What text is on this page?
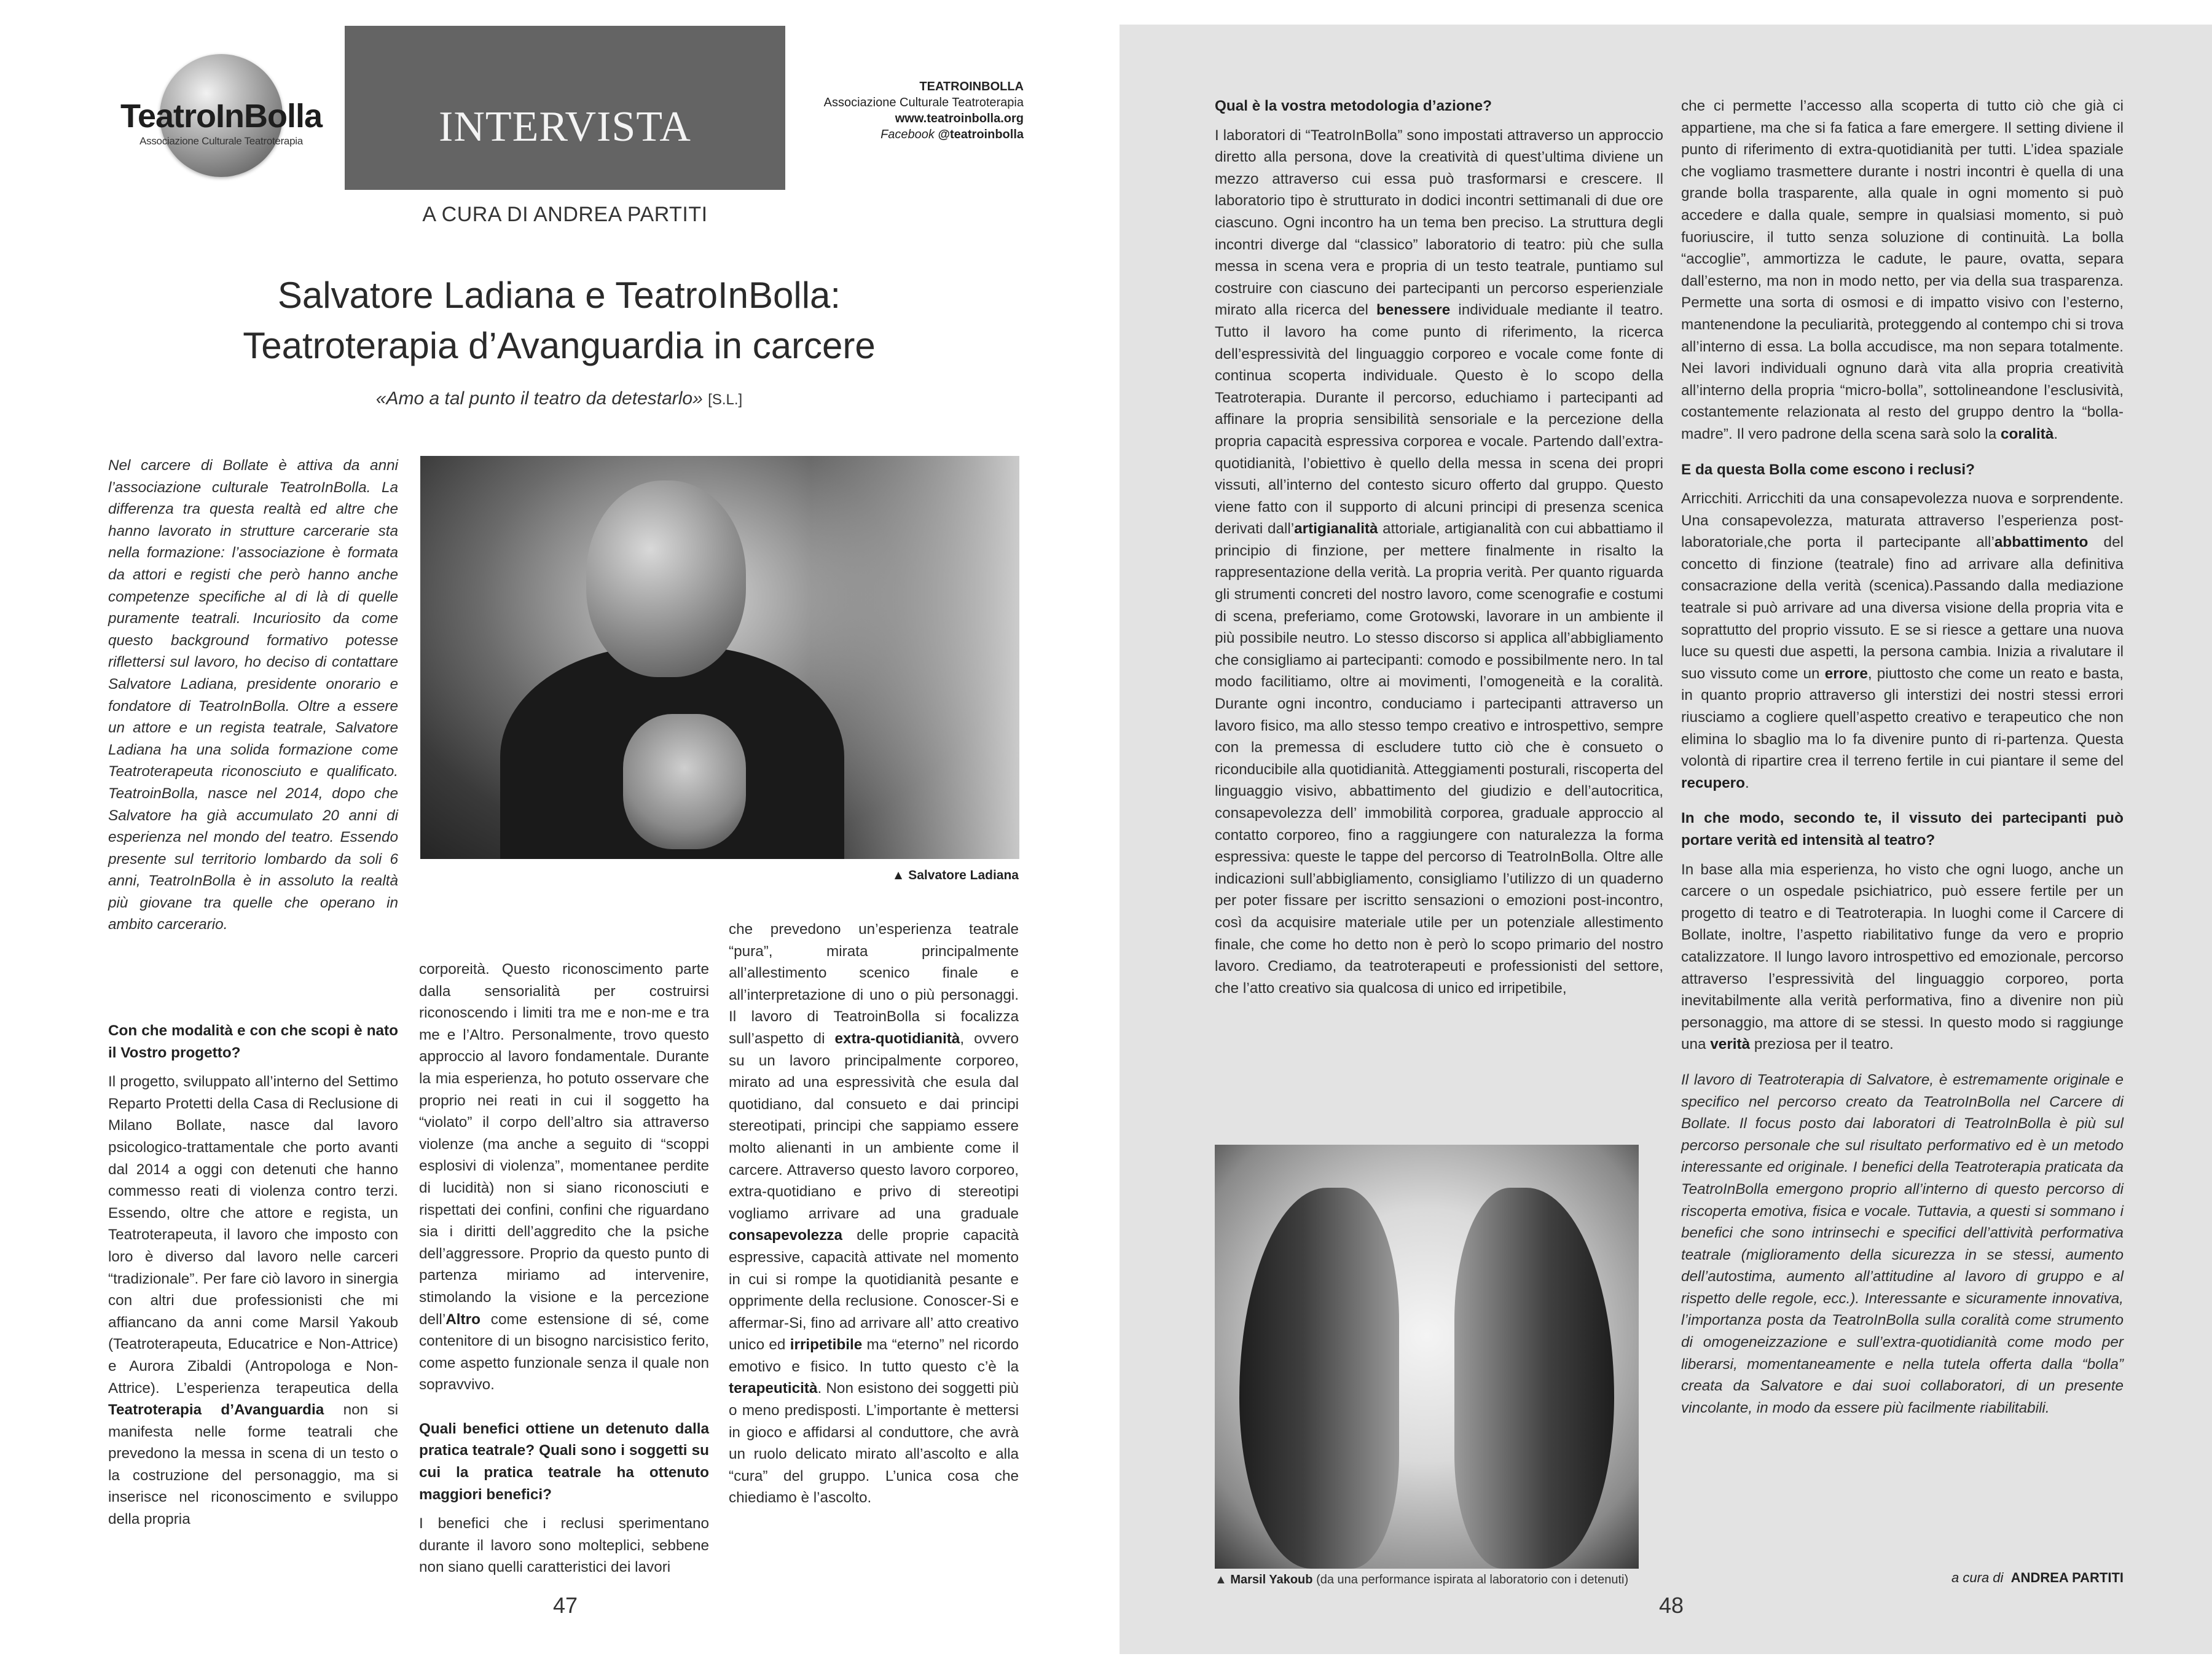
TeatroInBolla
Associazione Culturale Teatroterapia	INTERVISTA
TEATROINBOLLA
Associazione Culturale Teatroterapia
www.teatroinbolla.org
Facebook @teatroinbolla
A CURA DI ANDREA PARTITI
Salvatore Ladiana e TeatroInBolla:
Teatroterapia d’Avanguardia in carcere
«Amo a tal punto il teatro da detestarlo» [S.L.]

Nel carcere di Bollate è attiva da anni l’associazione culturale TeatroInBolla. La differenza tra questa realtà ed altre che hanno lavorato in strutture carcerarie sta nella formazione: l’associazione è formata da attori e registi che però hanno anche competenze specifiche al di là di quelle puramente teatrali. Incuriosito da come questo background formativo potesse riflettersi sul lavoro, ho deciso di contattare Salvatore Ladiana, presidente onorario e fondatore di TeatroInBolla. Oltre a essere un attore e un regista teatrale, Salvatore Ladiana ha una solida formazione come Teatroterapeuta riconosciuto e qualificato. TeatroinBolla, nasce nel 2014, dopo che Salvatore ha già accumulato 20 anni di esperienza nel mondo del teatro. Essendo presente sul territorio lombardo da soli 6 anni, TeatroInBolla è in assoluto la realtà più giovane tra quelle che operano in ambito carcerario.

▲ Salvatore Ladiana

Con che modalità e con che scopi è nato il Vostro progetto?

Il progetto, sviluppato all’interno del Settimo Reparto Protetti della Casa di Reclusione di Milano Bollate, nasce dal lavoro psicologico-trattamentale che porto avanti dal 2014 a oggi con detenuti che hanno commesso reati di violenza contro terzi. Essendo, oltre che attore e regista, un Teatroterapeuta, il lavoro che imposto con loro è diverso dal lavoro nelle carceri “tradizionale”. Per fare ciò lavoro in sinergia con altri due professionisti che mi affiancano da anni come Marsil Yakoub (Teatroterapeuta, Educatrice e Non-Attrice) e Aurora Zibaldi (Antropologa e Non-Attrice). L’esperienza terapeutica della Teatroterapia d’Avanguardia non si manifesta nelle forme teatrali che prevedono la messa in scena di un testo o la costruzione del personaggio, ma si inserisce nel riconoscimento e sviluppo della propria

corporeità. Questo riconoscimento parte dalla sensorialità per costruirsi riconoscendo i limiti tra me e non-me e tra me e l’Altro. Personalmente, trovo questo approccio al lavoro fondamentale. Durante la mia esperienza, ho potuto osservare che proprio nei reati in cui il soggetto ha “violato” il corpo dell’altro sia attraverso violenze (ma anche a seguito di “scoppi esplosivi di violenza”, momentanee perdite di lucidità) non si siano riconosciuti e rispettati dei confini, confini che riguardano sia i diritti dell’aggredito che la psiche dell’aggressore. Proprio da questo punto di partenza miriamo ad intervenire, stimolando la visione e la percezione dell’Altro come estensione di sé, come contenitore di un bisogno narcisistico ferito, come aspetto funzionale senza il quale non sopravvivo.

Quali benefici ottiene un detenuto dalla pratica teatrale? Quali sono i soggetti su cui la pratica teatrale ha ottenuto maggiori benefici?

I benefici che i reclusi sperimentano durante il lavoro sono molteplici, sebbene non siano quelli caratteristici dei lavori

che prevedono un’esperienza teatrale “pura”, mirata principalmente all’allestimento scenico finale e all’interpretazione di uno o più personaggi. Il lavoro di TeatroinBolla si focalizza sull’aspetto di extra-quotidianità, ovvero su un lavoro principalmente corporeo, mirato ad una espressività che esula dal quotidiano, dal consueto e dai principi stereotipati, principi che sappiamo essere molto alienanti in un ambiente come il carcere. Attraverso questo lavoro corporeo, extra-quotidiano e privo di stereotipi vogliamo arrivare ad una graduale consapevolezza delle proprie capacità espressive, capacità attivate nel momento in cui si rompe la quotidianità pesante e opprimente della reclusione. Conoscer-Si e affermar-Si, fino ad arrivare all’ atto creativo unico ed irripetibile ma “eterno” nel ricordo emotivo e fisico. In tutto questo c’è la terapeuticità. Non esistono dei soggetti più o meno predisposti. L’importante è mettersi in gioco e affidarsi al conduttore, che avrà un ruolo delicato mirato all’ascolto e alla “cura” del gruppo. L’unica cosa che chiediamo è l’ascolto.

47

Qual è la vostra metodologia d’azione?

I laboratori di “TeatroInBolla” sono impostati attraverso un approccio diretto alla persona, dove la creatività di quest’ultima diviene un mezzo attraverso cui essa può trasformarsi e crescere. Il laboratorio tipo è strutturato in dodici incontri settimanali di due ore ciascuno. Ogni incontro ha un tema ben preciso. La struttura degli incontri diverge dal “classico” laboratorio di teatro: più che sulla messa in scena vera e propria di un testo teatrale, puntiamo sul costruire con ciascuno dei partecipanti un percorso esperienziale mirato alla ricerca del benessere individuale mediante il teatro. Tutto il lavoro ha come punto di riferimento, la ricerca dell’espressività del linguaggio corporeo e vocale come fonte di continua scoperta individuale. Questo è lo scopo della Teatroterapia. Durante il percorso, educhiamo i partecipanti ad affinare la propria sensibilità sensoriale e la percezione della propria capacità espressiva corporea e vocale. Partendo dall’extra-quotidianità, l’obiettivo è quello della messa in scena dei propri vissuti, all’interno del contesto sicuro offerto dal gruppo. Questo viene fatto con il supporto di alcuni principi di presenza scenica derivati dall’artigianalità attoriale, artigianalità con cui abbattiamo il principio di finzione, per mettere finalmente in risalto la rappresentazione della verità. La propria verità. Per quanto riguarda gli strumenti concreti del nostro lavoro, come scenografie e costumi di scena, preferiamo, come Grotowski, lavorare in un ambiente il più possibile neutro. Lo stesso discorso si applica all’abbigliamento che consigliamo ai partecipanti: comodo e possibilmente nero. In tal modo facilitiamo, oltre ai movimenti, l’omogeneità e la coralità. Durante ogni incontro, conduciamo i partecipanti attraverso un lavoro fisico, ma allo stesso tempo creativo e introspettivo, sempre con la premessa di escludere tutto ciò che è consueto o riconducibile alla quotidianità. Atteggiamenti posturali, riscoperta del linguaggio visivo, abbattimento del giudizio e dell’autocritica, consapevolezza dell’ immobilità corporea, graduale approccio al contatto corporeo, fino a raggiungere con naturalezza la forma espressiva: queste le tappe del percorso di TeatroInBolla. Oltre alle indicazioni sull’abbigliamento, consigliamo l’utilizzo di un quaderno per poter fissare per iscritto sensazioni o emozioni post-incontro, così da acquisire materiale utile per un potenziale allestimento finale, che come ho detto non è però lo scopo primario del nostro lavoro. Crediamo, da teatroterapeuti e professionisti del settore, che l’atto creativo sia qualcosa di unico ed irripetibile,

▲ Marsil Yakoub (da una performance ispirata al laboratorio con i detenuti)

che ci permette l’accesso alla scoperta di tutto ciò che già ci appartiene, ma che si fa fatica a fare emergere. Il setting diviene il punto di riferimento di extra-quotidianità per tutti. L’idea spaziale che vogliamo trasmettere durante i nostri incontri è quella di una grande bolla trasparente, alla quale in ogni momento si può accedere e dalla quale, sempre in qualsiasi momento, si può fuoriuscire, il tutto senza soluzione di continuità. La bolla “accoglie”, ammortizza le cadute, le paure, ovatta, separa dall’esterno, ma non in modo netto, per via della sua trasparenza. Permette una sorta di osmosi e di impatto visivo con l’esterno, mantenendone la peculiarità, proteggendo al contempo chi si trova all’interno di essa. La bolla accudisce, ma non separa totalmente. Nei lavori individuali ognuno darà vita alla propria creatività all’interno della propria “micro-bolla”, sottolineandone l’esclusività, costantemente relazionata al resto del gruppo dentro la “bolla-madre”. Il vero padrone della scena sarà solo la coralità.

E da questa Bolla come escono i reclusi?

Arricchiti. Arricchiti da una consapevolezza nuova e sorprendente. Una consapevolezza, maturata attraverso l’esperienza post-laboratoriale,che porta il partecipante all’abbattimento del concetto di finzione (teatrale) fino ad arrivare alla definitiva consacrazione della verità (scenica).Passando dalla mediazione teatrale si può arrivare ad una diversa visione della propria vita e soprattutto del proprio vissuto. E se si riesce a gettare una nuova luce su questi due aspetti, la persona cambia. Inizia a rivalutare il suo vissuto come un errore, piuttosto che come un reato e basta, in quanto proprio attraverso gli interstizi dei nostri stessi errori riusciamo a cogliere quell’aspetto creativo e terapeutico che non elimina lo sbaglio ma lo fa divenire punto di ri-partenza. Questa volontà di ripartire crea il terreno fertile in cui piantare il seme del recupero.

In che modo, secondo te, il vissuto dei partecipanti può portare verità ed intensità al teatro?

In base alla mia esperienza, ho visto che ogni luogo, anche un carcere o un ospedale psichiatrico, può essere fertile per un progetto di teatro e di Teatroterapia. In luoghi come il Carcere di Bollate, inoltre, l’aspetto riabilitativo funge da vero e proprio catalizzatore. Il lungo lavoro introspettivo ed emozionale, percorso attraverso l’espressività del linguaggio corporeo, porta inevitabilmente alla verità performativa, fino a divenire non più personaggio, ma attore di se stessi. In questo modo si raggiunge una verità preziosa per il teatro.

Il lavoro di Teatroterapia di Salvatore, è estremamente originale e specifico nel percorso creato da TeatroInBolla nel Carcere di Bollate. Il focus posto dai laboratori di TeatroInBolla è più sul percorso personale che sul risultato performativo ed è un metodo interessante ed originale. I benefici della Teatroterapia praticata da TeatroInBolla emergono proprio all’interno di questo percorso di riscoperta emotiva, fisica e vocale. Tuttavia, a questi si sommano i benefici che sono intrinsechi e specifici dell’attività performativa teatrale (miglioramento della sicurezza in se stessi, aumento dell’autostima, aumento all’attitudine al lavoro di gruppo e al rispetto delle regole, ecc.). Interessante e sicuramente innovativa, l’importanza posta da TeatroInBolla sulla coralità come strumento di omogeneizzazione e sull’extra-quotidianità come modo per liberarsi, momentaneamente e nella tutela offerta dalla “bolla” creata da Salvatore e dai suoi collaboratori, di un presente vincolante, in modo da essere più facilmente riabilitabili.

a cura di ANDREA PARTITI
48
